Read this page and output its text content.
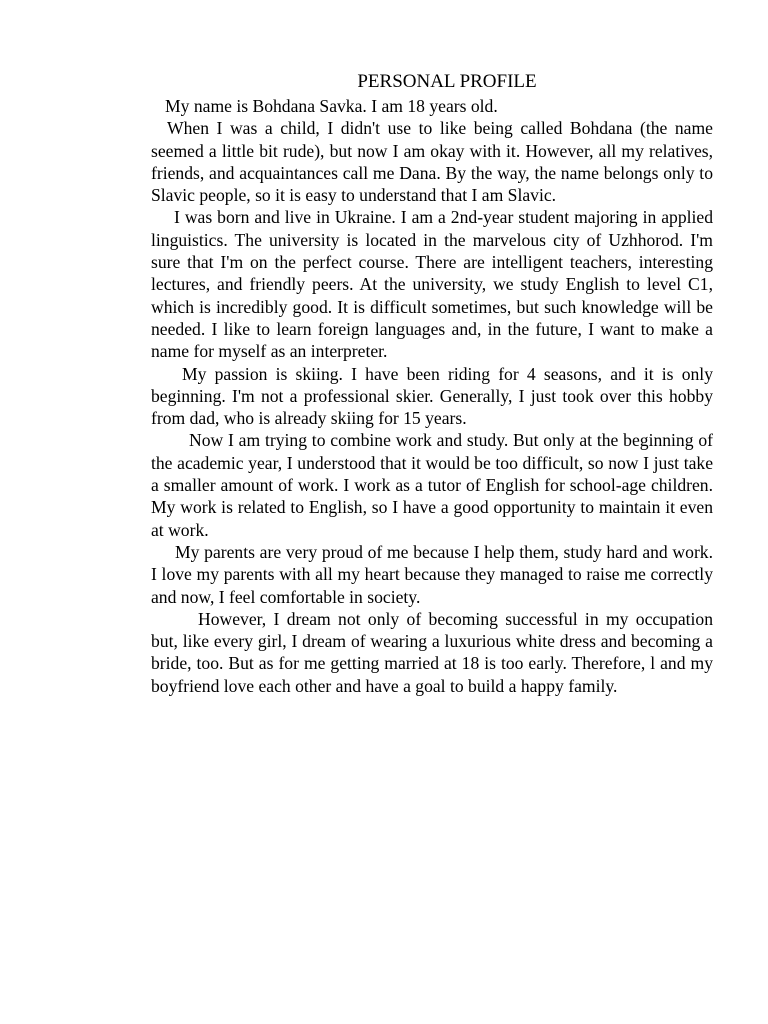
PERSONAL PROFILE

My name is Bohdana Savka. I am 18 years old.

When I was a child, I didn't use to like being called Bohdana (the name seemed a little bit rude), but now I am okay with it. However, all my relatives, friends, and acquaintances call me Dana. By the way, the name belongs only to Slavic people, so it is easy to understand that I am Slavic.

I was born and live in Ukraine. I am a 2nd-year student majoring in applied linguistics. The university is located in the marvelous city of Uzhhorod. I'm sure that I'm on the perfect course. There are intelligent teachers, interesting lectures, and friendly peers. At the university, we study English to level C1, which is incredibly good. It is difficult sometimes, but such knowledge will be needed. I like to learn foreign languages and, in the future, I want to make a name for myself as an interpreter.

My passion is skiing. I have been riding for 4 seasons, and it is only beginning. I'm not a professional skier. Generally, I just took over this hobby from dad, who is already skiing for 15 years.

Now I am trying to combine work and study. But only at the beginning of the academic year, I understood that it would be too difficult, so now I just take a smaller amount of work. I work as a tutor of English for school-age children. My work is related to English, so I have a good opportunity to maintain it even at work.

My parents are very proud of me because I help them, study hard and work. I love my parents with all my heart because they managed to raise me correctly and now, I feel comfortable in society.

However, I dream not only of becoming successful in my occupation but, like every girl, I dream of wearing a luxurious white dress and becoming a bride, too. But as for me getting married at 18 is too early. Therefore, l and my boyfriend love each other and have a goal to build a happy family.
